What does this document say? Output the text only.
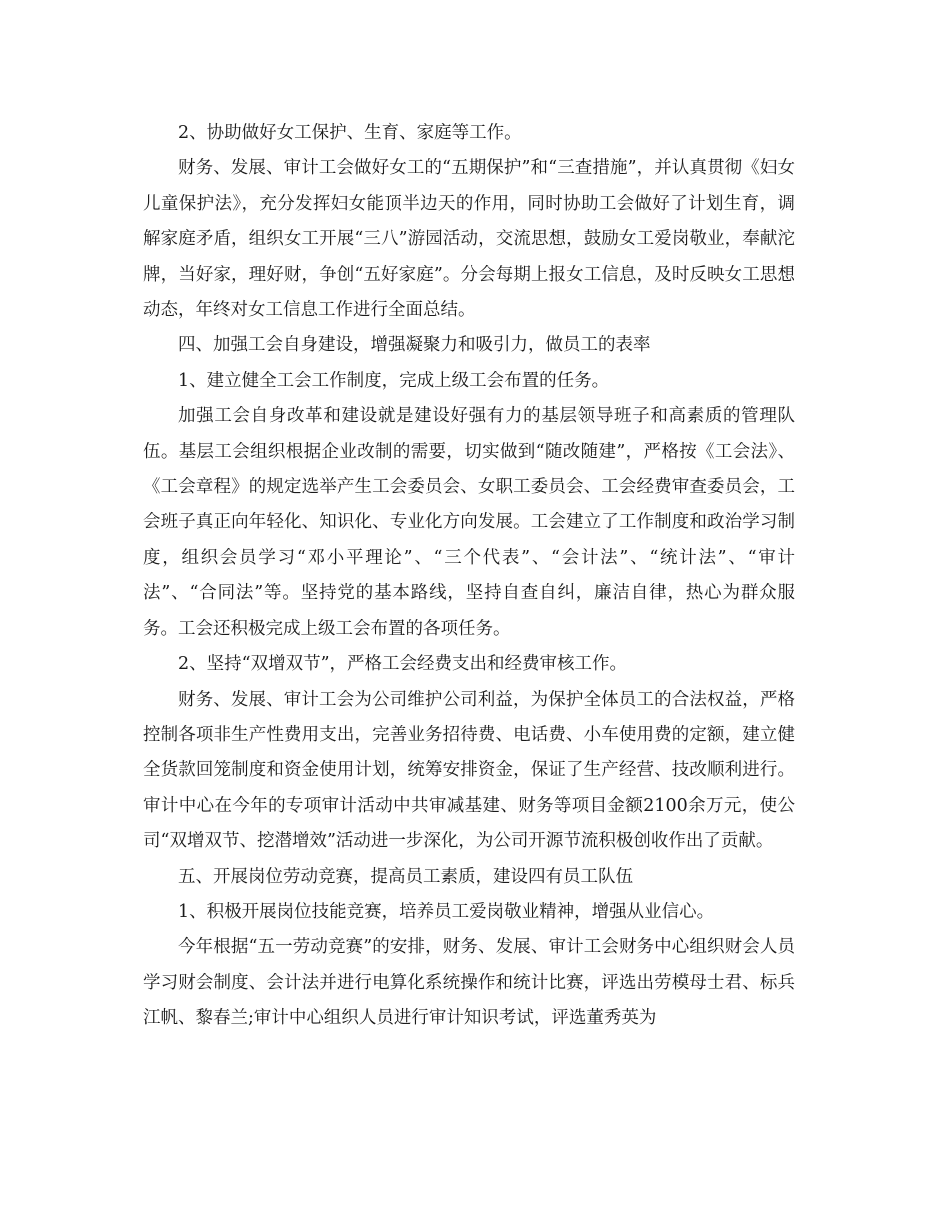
2、协助做好女工保护、生育、家庭等工作。

财务、发展、审计工会做好女工的“五期保护”和“三查措施”，并认真贯彻《妇女儿童保护法》，充分发挥妇女能顶半边天的作用，同时协助工会做好了计划生育，调解家庭矛盾，组织女工开展“三八”游园活动，交流思想，鼓励女工爱岗敬业，奉献沱牌，当好家，理好财，争创“五好家庭”。分会每期上报女工信息，及时反映女工思想动态，年终对女工信息工作进行全面总结。

四、加强工会自身建设，增强凝聚力和吸引力，做员工的表率

1、建立健全工会工作制度，完成上级工会布置的任务。

加强工会自身改革和建设就是建设好强有力的基层领导班子和高素质的管理队伍。基层工会组织根据企业改制的需要，切实做到“随改随建”，严格按《工会法》、《工会章程》的规定选举产生工会委员会、女职工委员会、工会经费审查委员会，工会班子真正向年轻化、知识化、专业化方向发展。工会建立了工作制度和政治学习制度，组织会员学习“邓小平理论”、“三个代表”、“会计法”、“统计法”、“审计法”、“合同法”等。坚持党的基本路线，坚持自查自纠，廉洁自律，热心为群众服务。工会还积极完成上级工会布置的各项任务。

2、坚持“双增双节”，严格工会经费支出和经费审核工作。

财务、发展、审计工会为公司维护公司利益，为保护全体员工的合法权益，严格控制各项非生产性费用支出，完善业务招待费、电话费、小车使用费的定额，建立健全货款回笼制度和资金使用计划，统筹安排资金，保证了生产经营、技改顺利进行。审计中心在今年的专项审计活动中共审减基建、财务等项目金额2100余万元，使公司“双增双节、挖潜增效”活动进一步深化，为公司开源节流积极创收作出了贡献。

五、开展岗位劳动竞赛，提高员工素质，建设四有员工队伍

1、积极开展岗位技能竞赛，培养员工爱岗敬业精神，增强从业信心。

今年根据“五一劳动竞赛”的安排，财务、发展、审计工会财务中心组织财会人员学习财会制度、会计法并进行电算化系统操作和统计比赛，评选出劳模母士君、标兵江帆、黎春兰;审计中心组织人员进行审计知识考试，评选董秀英为
